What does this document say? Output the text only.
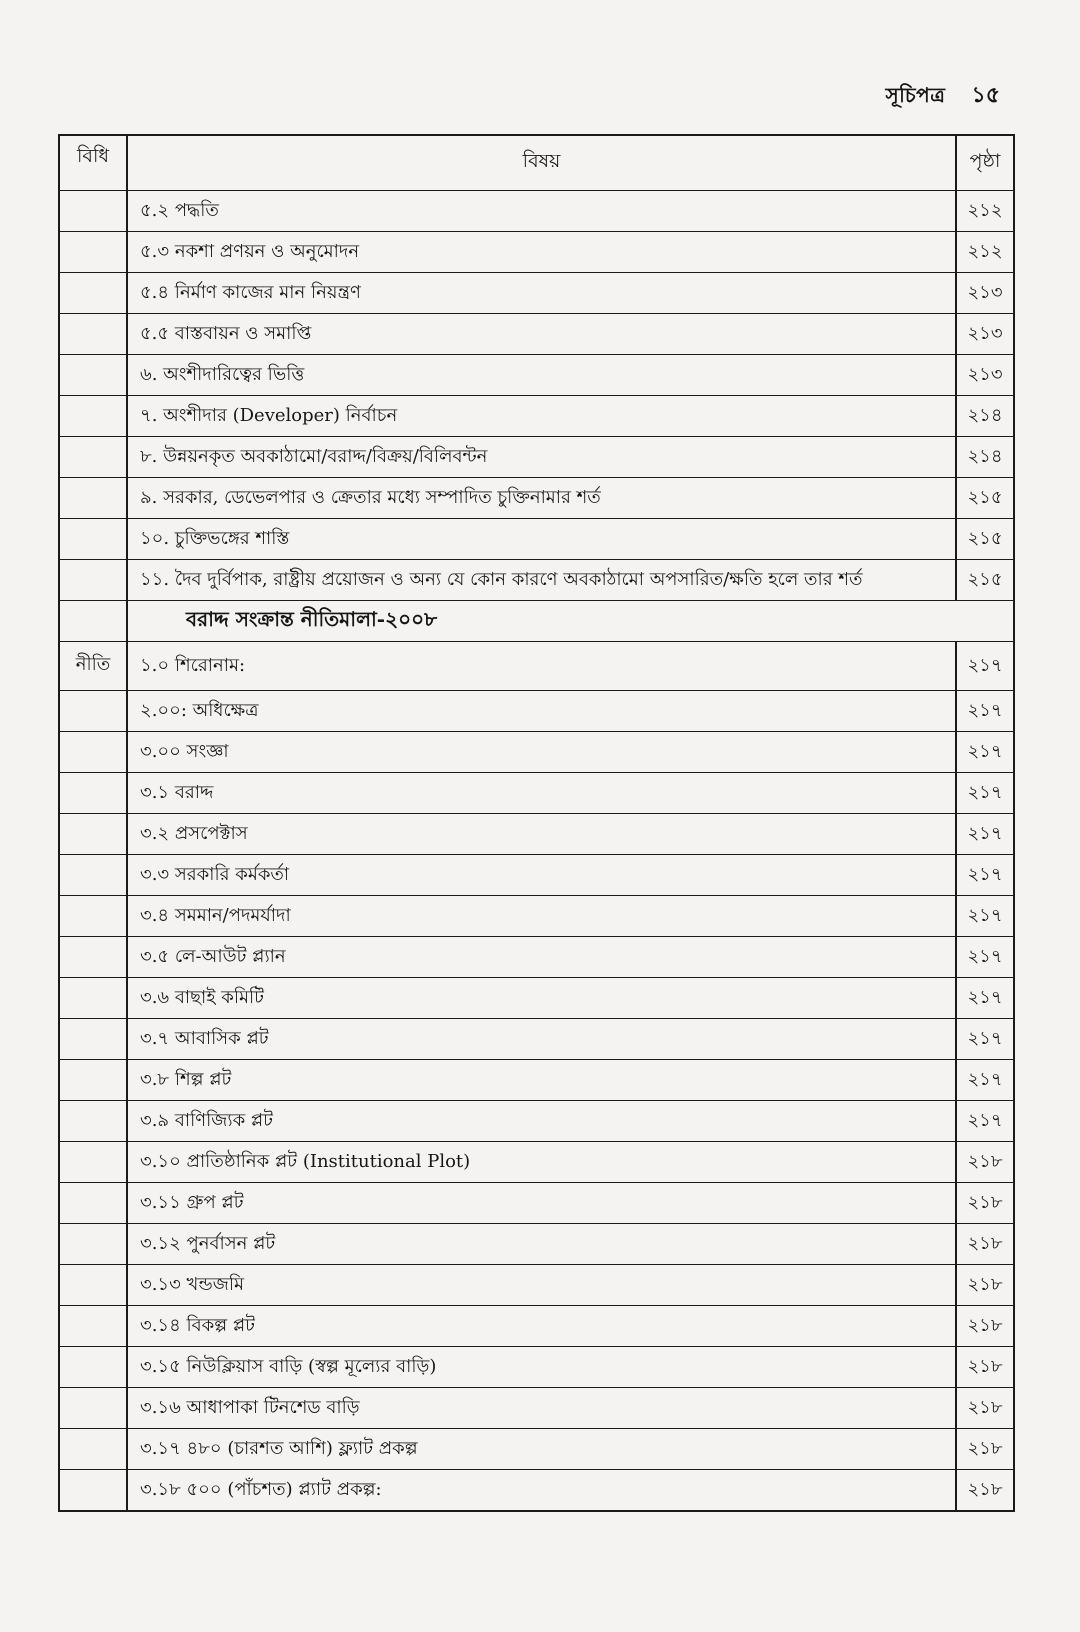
সূচিপত্র ১৫
বিধি	বিষয়	পৃষ্ঠা
	৫.২ পদ্ধতি	২১২
	৫.৩ নকশা প্রণয়ন ও অনুমোদন	২১২
	৫.৪ নির্মাণ কাজের মান নিয়ন্ত্রণ	২১৩
	৫.৫ বাস্তবায়ন ও সমাপ্তি	২১৩
	৬. অংশীদারিত্বের ভিত্তি	২১৩
	৭. অংশীদার (Developer) নির্বাচন	২১৪
	৮. উন্নয়নকৃত অবকাঠামো/বরাদ্দ/বিক্রয়/বিলিবন্টন	২১৪
	৯. সরকার, ডেভেলপার ও ক্রেতার মধ্যে সম্পাদিত চুক্তিনামার শর্ত	২১৫
	১০. চুক্তিভঙ্গের শাস্তি	২১৫
	১১. দৈব দুর্বিপাক, রাষ্ট্রীয় প্রয়োজন ও অন্য যে কোন কারণে অবকাঠামো অপসারিত/ক্ষতি হলে তার শর্ত	২১৫
	বরাদ্দ সংক্রান্ত নীতিমালা-২০০৮	
নীতি	১.০ শিরোনাম:	২১৭
	২.০০: অধিক্ষেত্র	২১৭
	৩.০০ সংজ্ঞা	২১৭
	৩.১ বরাদ্দ	২১৭
	৩.২ প্রসপেক্টাস	২১৭
	৩.৩ সরকারি কর্মকর্তা	২১৭
	৩.৪ সমমান/পদমর্যাদা	২১৭
	৩.৫ লে-আউট প্ল্যান	২১৭
	৩.৬ বাছাই কমিটি	২১৭
	৩.৭ আবাসিক প্লট	২১৭
	৩.৮ শিল্প প্লট	২১৭
	৩.৯ বাণিজ্যিক প্লট	২১৭
	৩.১০ প্রাতিষ্ঠানিক প্লট (Institutional Plot)	২১৮
	৩.১১ গ্রুপ প্লট	২১৮
	৩.১২ পুনর্বাসন প্লট	২১৮
	৩.১৩ খন্ডজমি	২১৮
	৩.১৪ বিকল্প প্লট	২১৮
	৩.১৫ নিউক্লিয়াস বাড়ি (স্বল্প মূল্যের বাড়ি)	২১৮
	৩.১৬ আধাপাকা টিনশেড বাড়ি	২১৮
	৩.১৭ ৪৮০ (চারশত আশি) ফ্ল্যাট প্রকল্প	২১৮
	৩.১৮ ৫০০ (পাঁচশত) প্ল্যাট প্রকল্প:	২১৮
